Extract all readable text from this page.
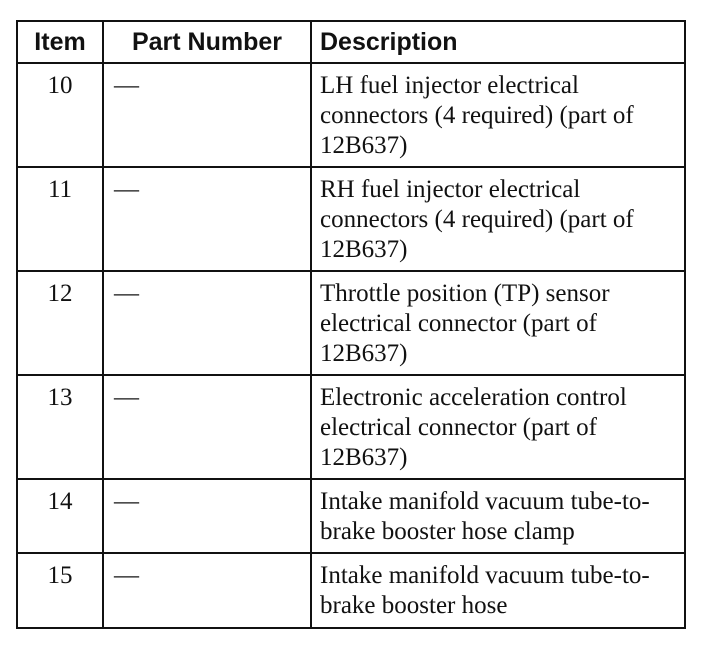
Item	Part Number	Description
10	—	LH fuel injector electrical connectors (4 required) (part of 12B637)
11	—	RH fuel injector electrical connectors (4 required) (part of 12B637)
12	—	Throttle position (TP) sensor electrical connector (part of 12B637)
13	—	Electronic acceleration control electrical connector (part of 12B637)
14	—	Intake manifold vacuum tube-to-brake booster hose clamp
15	—	Intake manifold vacuum tube-to-brake booster hose
